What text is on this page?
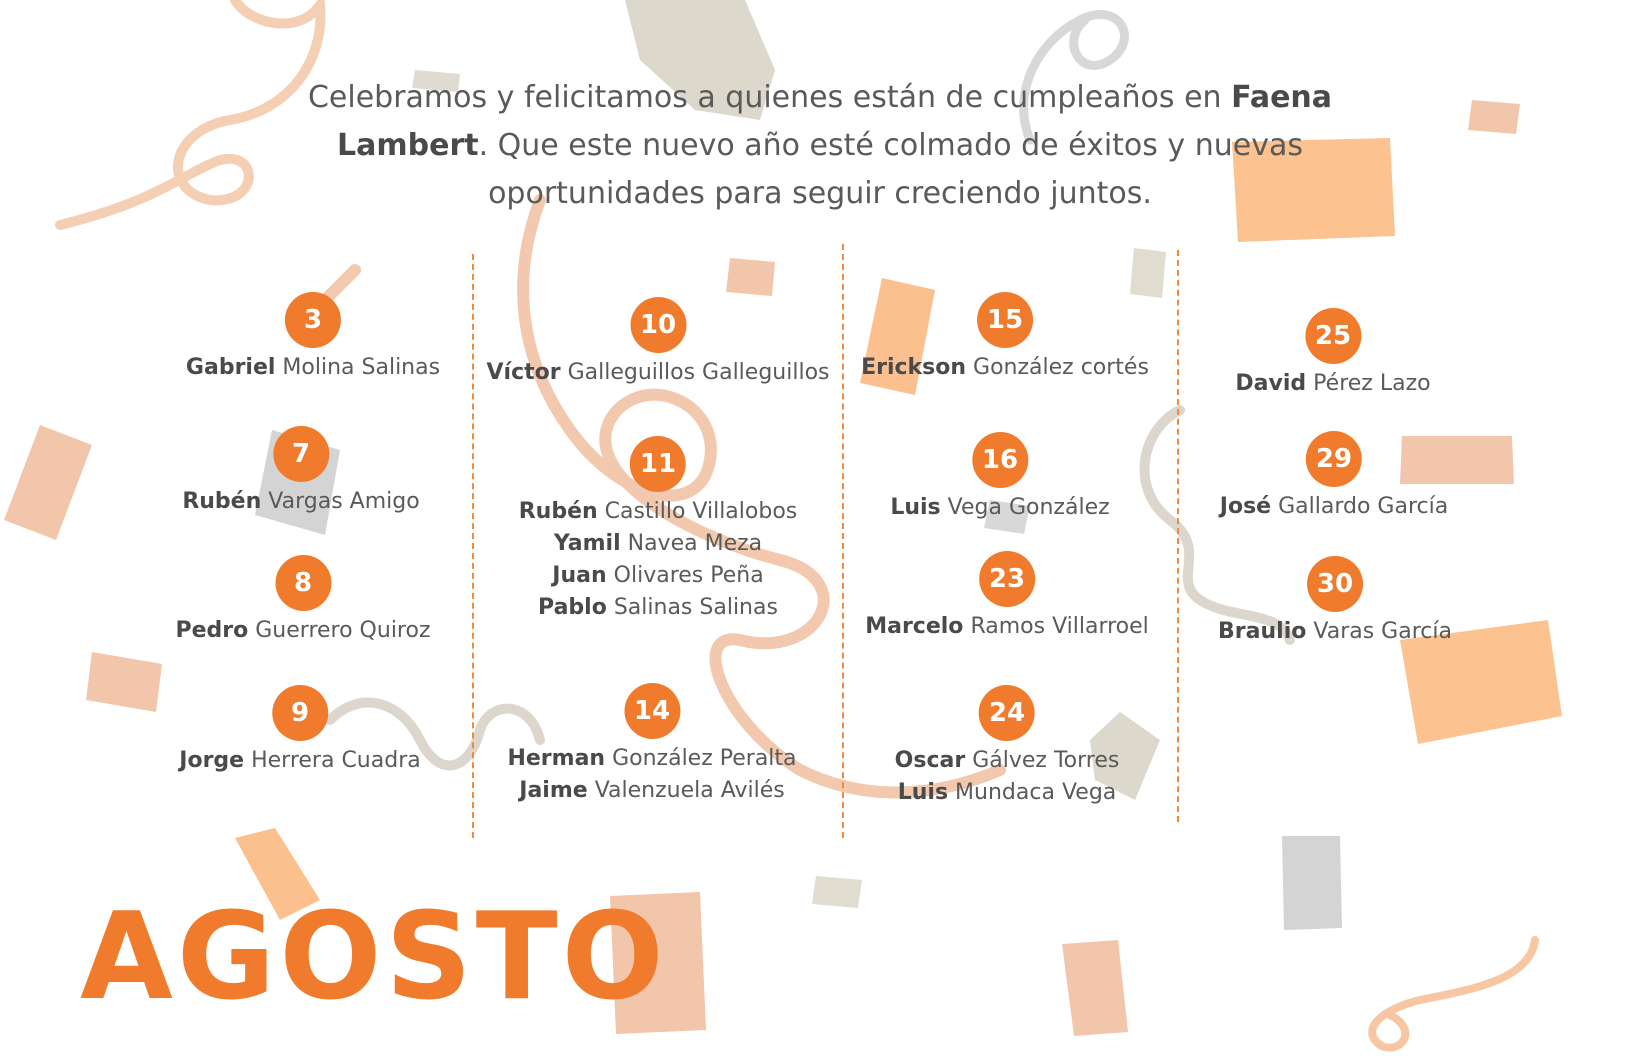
Celebramos y felicitamos a quienes están de cumpleaños en Faena Lambert. Que este nuevo año esté colmado de éxitos y nuevas oportunidades para seguir creciendo juntos.
3
Gabriel Molina Salinas
7
Rubén Vargas Amigo
8
Pedro Guerrero Quiroz
9
Jorge Herrera Cuadra
10
Víctor Galleguillos Galleguillos
11
Rubén Castillo Villalobos
Yamil Navea Meza
Juan Olivares Peña
Pablo Salinas Salinas
14
Herman González Peralta
Jaime Valenzuela Avilés
15
Erickson González cortés
16
Luis Vega González
23
Marcelo Ramos Villarroel
24
Oscar Gálvez Torres
Luis Mundaca Vega
25
David Pérez Lazo
29
José Gallardo García
30
Braulio Varas García
AGOSTO
